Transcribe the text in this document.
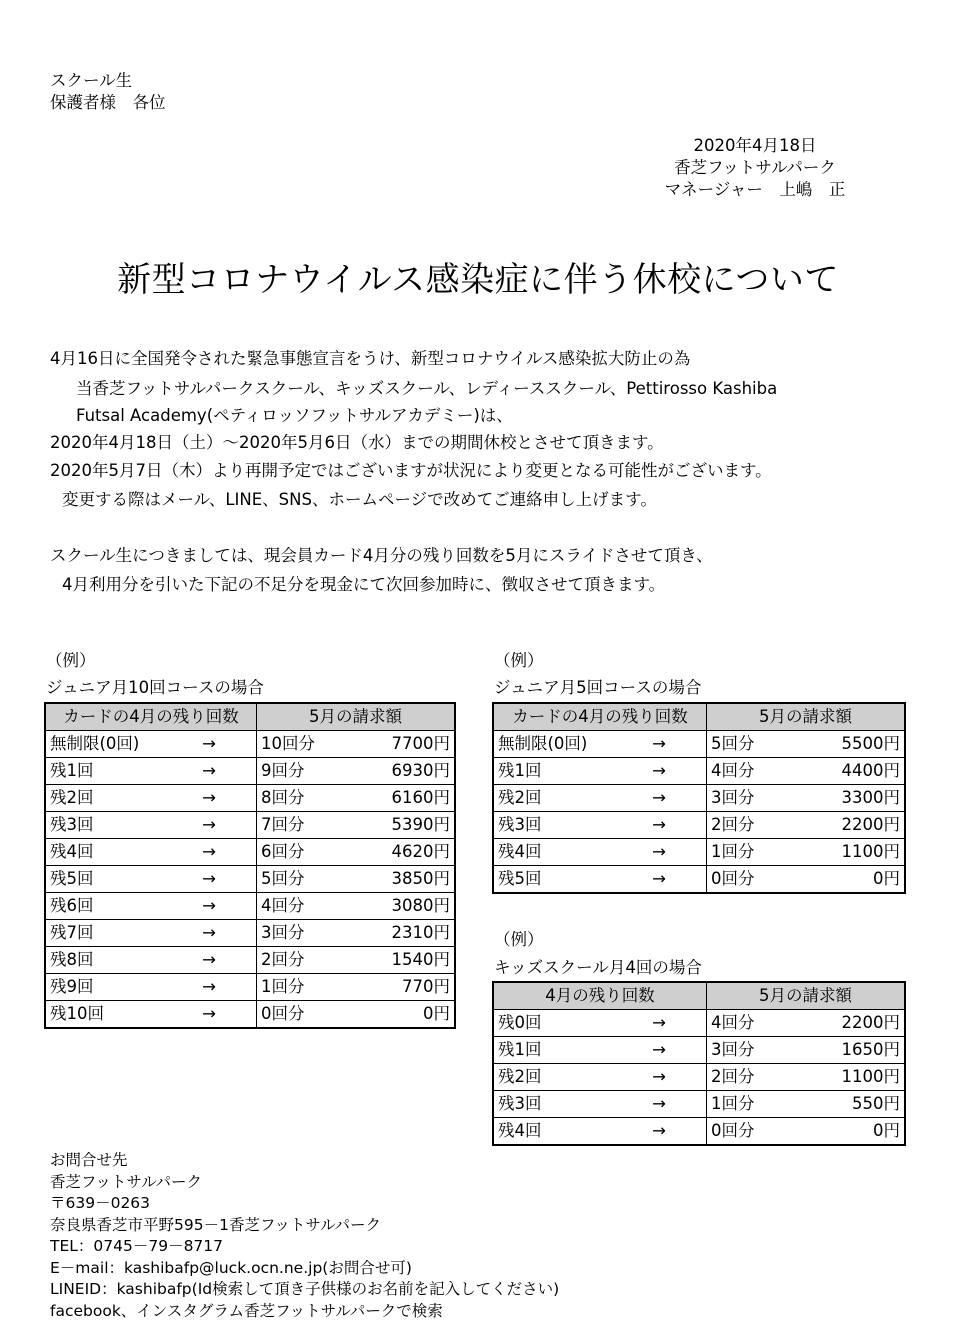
スクール生
保護者様　各位
2020年4月18日
香芝フットサルパーク
マネージャー　上嶋　正
新型コロナウイルス感染症に伴う休校について
4月16日に全国発令された緊急事態宣言をうけ、新型コロナウイルス感染拡大防止の為
当香芝フットサルパークスクール、キッズスクール、レディーススクール、Pettirosso Kashiba
Futsal Academy(ペティロッソフットサルアカデミー)は、
2020年4月18日（土）～2020年5月6日（水）までの期間休校とさせて頂きます。
2020年5月7日（木）より再開予定ではございますが状況により変更となる可能性がございます。
変更する際はメール、LINE、SNS、ホームページで改めてご連絡申し上げます。
スクール生につきましては、現会員カード4月分の残り回数を5月にスライドさせて頂き、
4月利用分を引いた下記の不足分を現金にて次回参加時に、徴収させて頂きます。
（例）
ジュニア月10回コースの場合
カードの4月の残り回数	5月の請求額
無制限(0回) →	10回分 7700円

残1回 →	9回分 6930円

残2回 →	8回分 6160円

残3回 →	7回分 5390円

残4回 →	6回分 4620円

残5回 →	5回分 3850円

残6回 →	4回分 3080円

残7回 →	3回分 2310円

残8回 →	2回分 1540円

残9回 →	1回分 770円

残10回 →	0回分 0円
（例）
ジュニア月5回コースの場合
カードの4月の残り回数	5月の請求額
無制限(0回) →	5回分 5500円

残1回 →	4回分 4400円

残2回 →	3回分 3300円

残3回 →	2回分 2200円

残4回 →	1回分 1100円

残5回 →	0回分 0円
（例）
キッズスクール月4回の場合
4月の残り回数	5月の請求額
残0回 →	4回分 2200円

残1回 →	3回分 1650円

残2回 →	2回分 1100円

残3回 →	1回分 550円

残4回 →	0回分 0円
お問合せ先
香芝フットサルパーク
〒639－0263
奈良県香芝市平野595－1香芝フットサルパーク
TEL：0745－79－8717
E－mail：kashibafp@luck.ocn.ne.jp(お問合せ可)
LINEID：kashibafp(Id検索して頂き子供様のお名前を記入してください)
facebook、インスタグラム香芝フットサルパークで検索
